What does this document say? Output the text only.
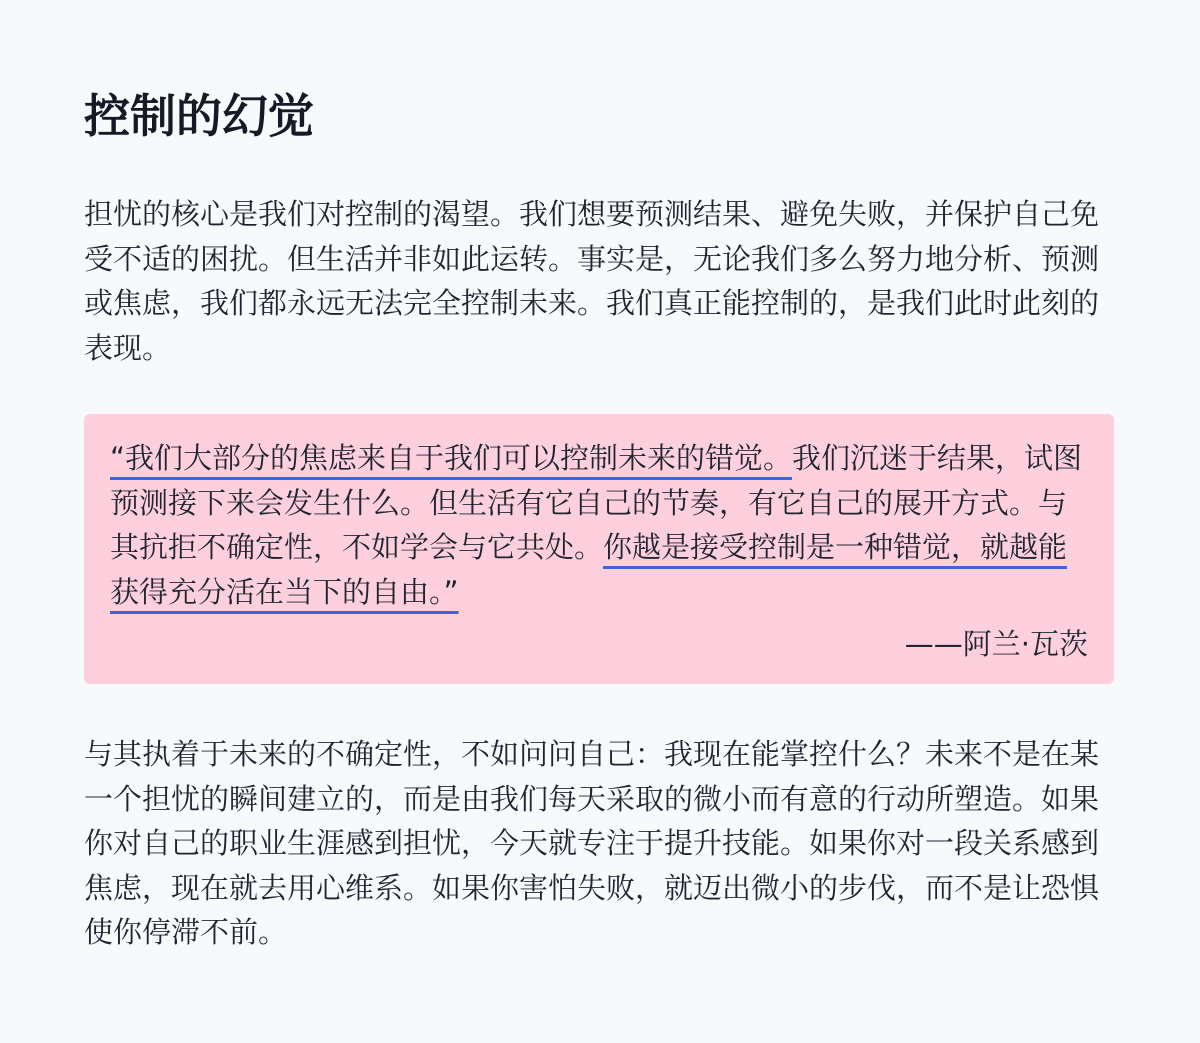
控制的幻觉

担忧的核心是我们对控制的渴望。我们想要预测结果、避免失败，并保护自己免受不适的困扰。但生活并非如此运转。事实是，无论我们多么努力地分析、预测或焦虑，我们都永远无法完全控制未来。我们真正能控制的，是我们此时此刻的表现。

“我们大部分的焦虑来自于我们可以控制未来的错觉。我们沉迷于结果，试图预测接下来会发生什么。但生活有它自己的节奏，有它自己的展开方式。与其抗拒不确定性，不如学会与它共处。你越是接受控制是一种错觉，就越能获得充分活在当下的自由。”

——阿兰·瓦茨

与其执着于未来的不确定性，不如问问自己：我现在能掌控什么？未来不是在某一个担忧的瞬间建立的，而是由我们每天采取的微小而有意的行动所塑造。如果你对自己的职业生涯感到担忧，今天就专注于提升技能。如果你对一段关系感到焦虑，现在就去用心维系。如果你害怕失败，就迈出微小的步伐，而不是让恐惧使你停滞不前。
